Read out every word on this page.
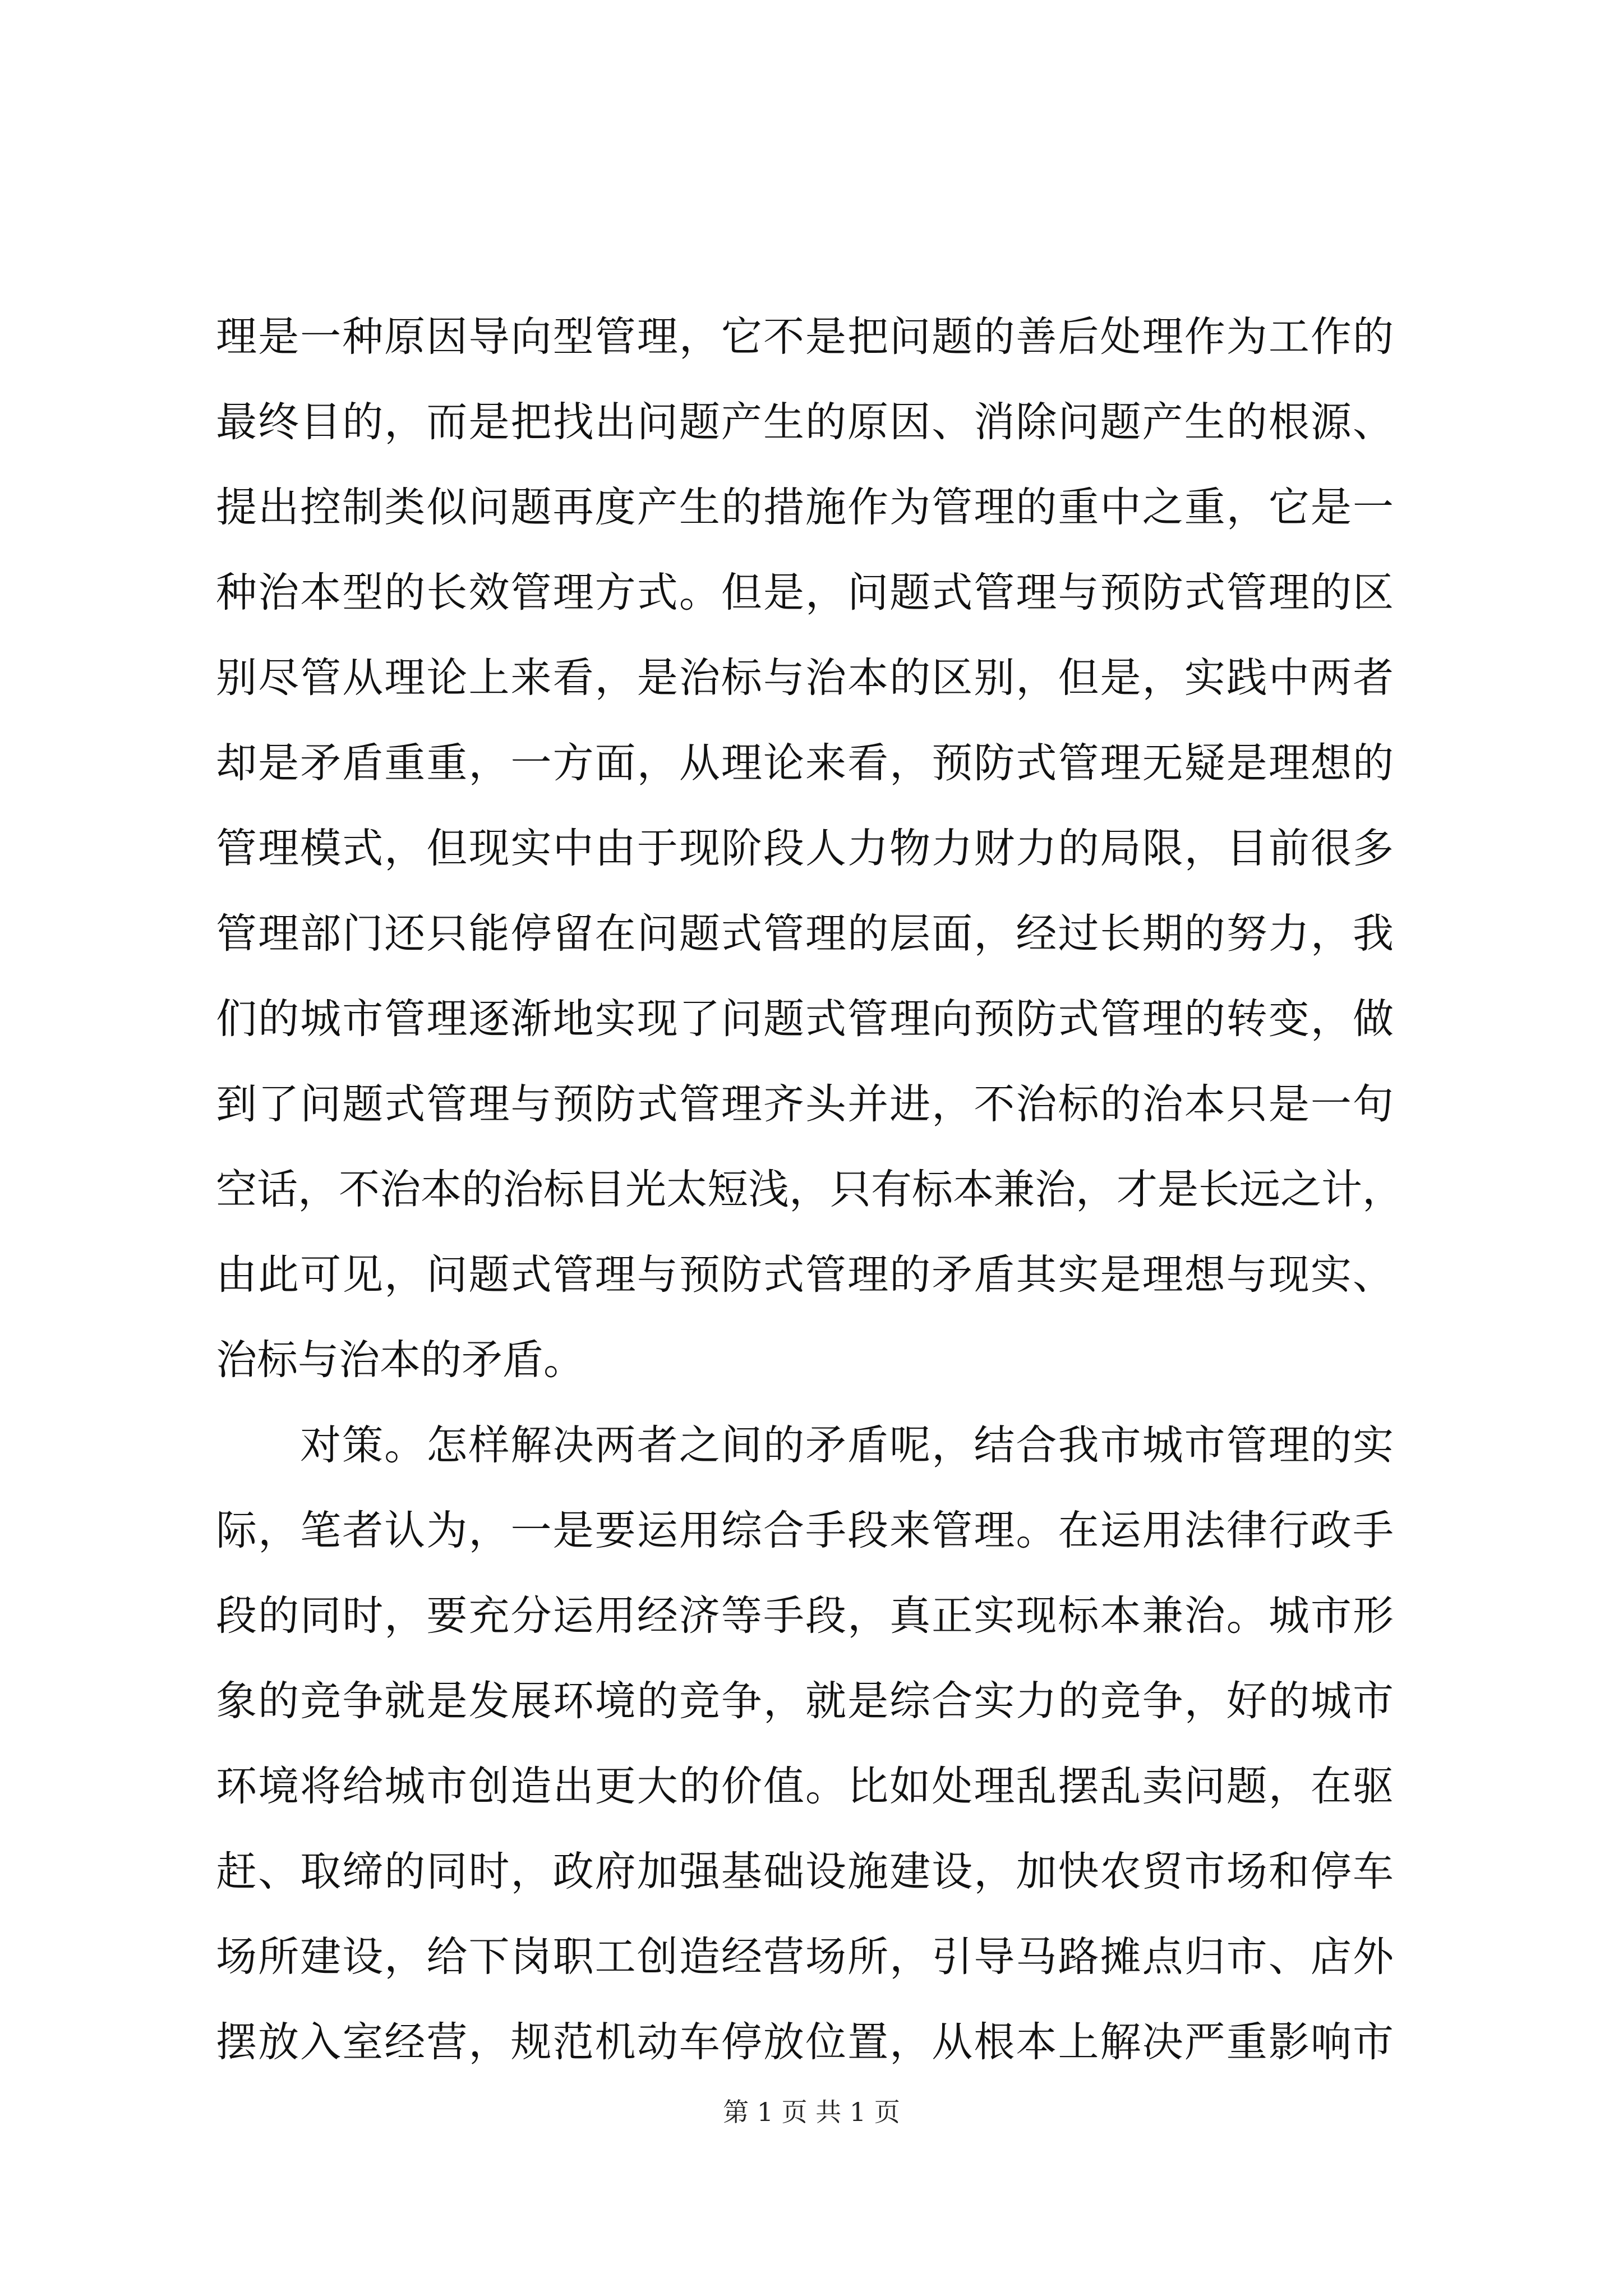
理是一种原因导向型管理，它不是把问题的善后处理作为工作的
最终目的，而是把找出问题产生的原因、消除问题产生的根源、
提出控制类似问题再度产生的措施作为管理的重中之重，它是一
种治本型的长效管理方式。但是，问题式管理与预防式管理的区
别尽管从理论上来看，是治标与治本的区别，但是，实践中两者
却是矛盾重重，一方面，从理论来看，预防式管理无疑是理想的
管理模式，但现实中由于现阶段人力物力财力的局限，目前很多
管理部门还只能停留在问题式管理的层面，经过长期的努力，我
们的城市管理逐渐地实现了问题式管理向预防式管理的转变，做
到了问题式管理与预防式管理齐头并进，不治标的治本只是一句
空话，不治本的治标目光太短浅，只有标本兼治，才是长远之计，
由此可见，问题式管理与预防式管理的矛盾其实是理想与现实、
治标与治本的矛盾。
对策。怎样解决两者之间的矛盾呢，结合我市城市管理的实
际，笔者认为，一是要运用综合手段来管理。在运用法律行政手
段的同时，要充分运用经济等手段，真正实现标本兼治。城市形
象的竞争就是发展环境的竞争，就是综合实力的竞争，好的城市
环境将给城市创造出更大的价值。比如处理乱摆乱卖问题，在驱
赶、取缔的同时，政府加强基础设施建设，加快农贸市场和停车
场所建设，给下岗职工创造经营场所，引导马路摊点归市、店外
摆放入室经营，规范机动车停放位置，从根本上解决严重影响市
第 1 页 共 1 页
